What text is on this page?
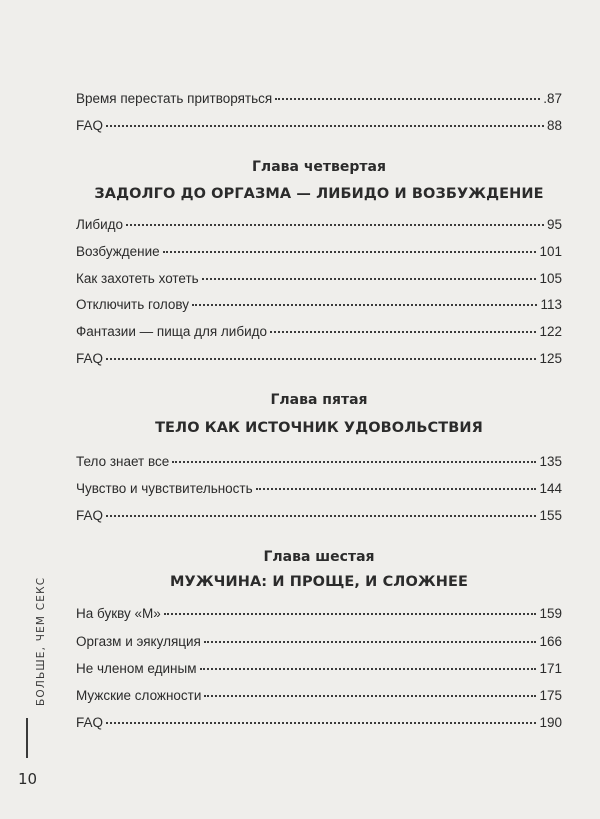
Время перестать притворяться	.87
FAQ	88
Глава четвертая
ЗАДОЛГО ДО ОРГАЗМА — ЛИБИДО И ВОЗБУЖДЕНИЕ
Либидо	95
Возбуждение	101
Как захотеть хотеть	105
Отключить голову	113
Фантазии — пища для либидо	122
FAQ	125
Глава пятая
ТЕЛО КАК ИСТОЧНИК УДОВОЛЬСТВИЯ
Тело знает все	135
Чувство и чувствительность	144
FAQ	155
Глава шестая
МУЖЧИНА: И ПРОЩЕ, И СЛОЖНЕЕ
На букву «М»	159
Оргазм и эякуляция	166
Не членом единым	171
Мужские сложности	175
FAQ	190
БОЛЬШЕ, ЧЕМ СЕКС
10
